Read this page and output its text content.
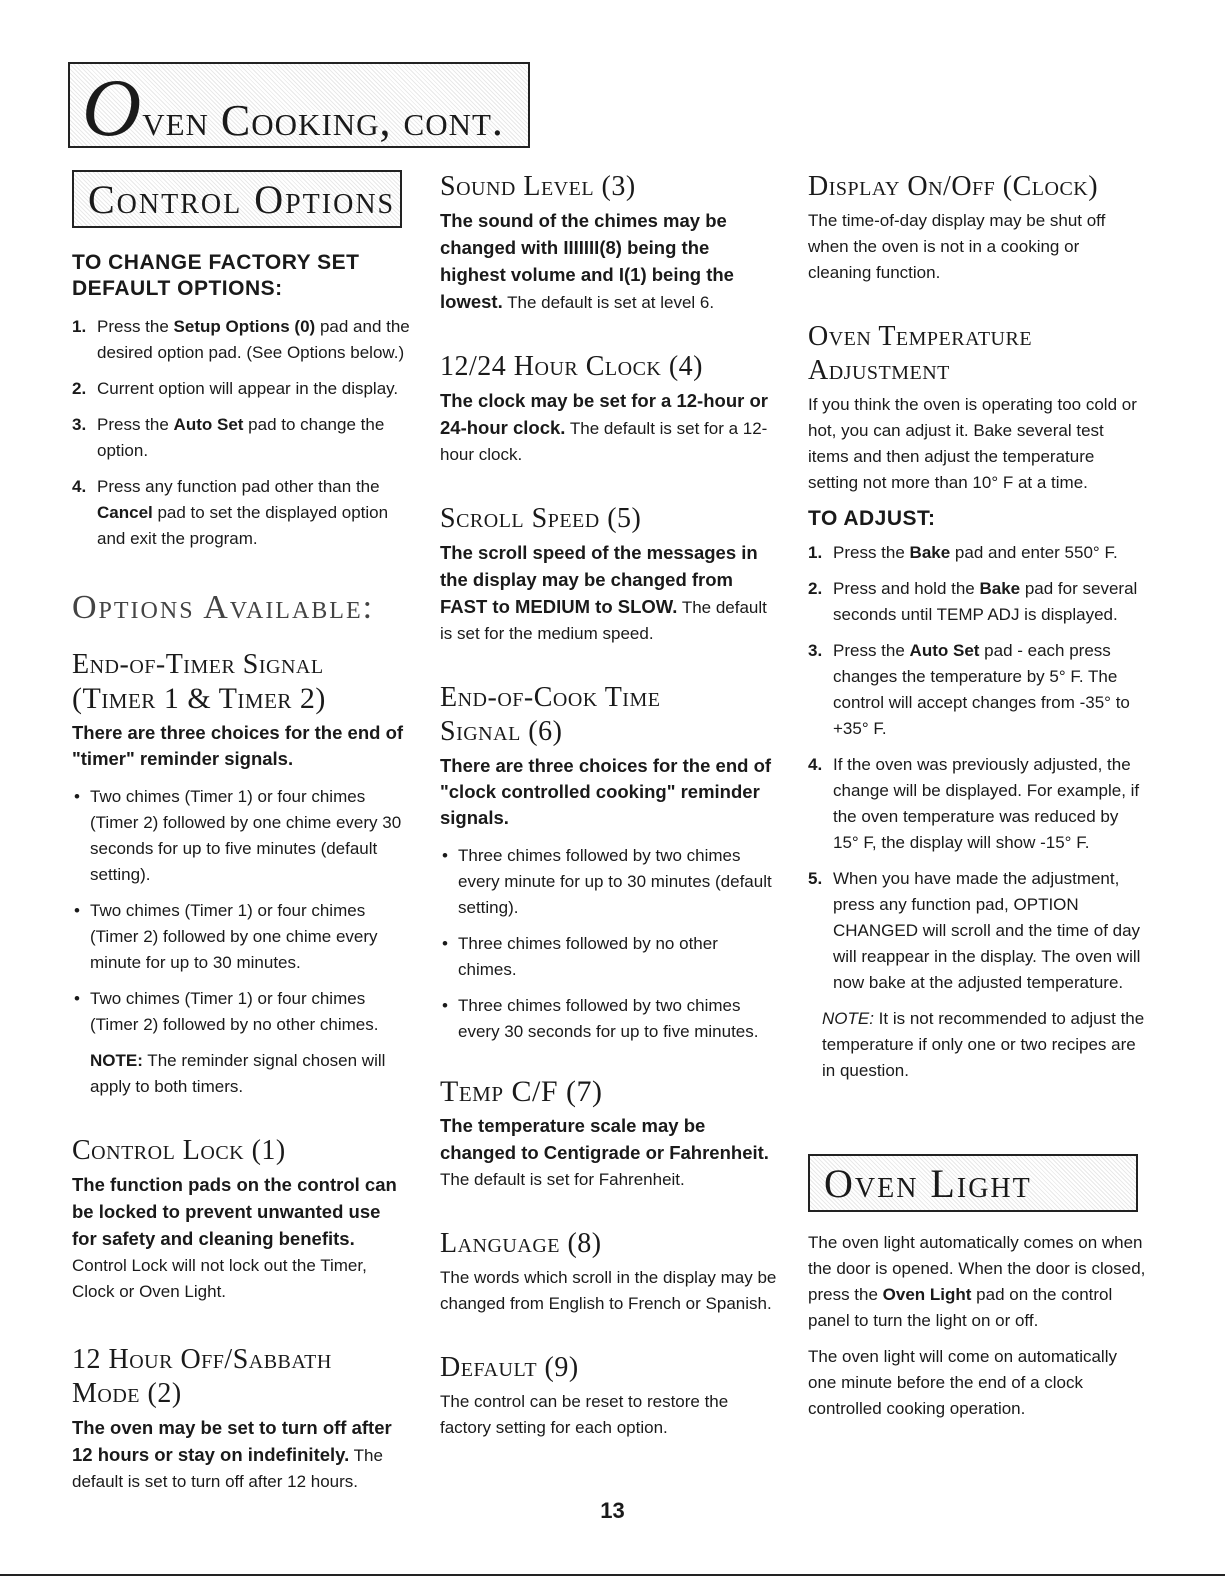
Oven Cooking, cont.
Control Options
TO CHANGE FACTORY SET DEFAULT OPTIONS:
1. Press the Setup Options (0) pad and the desired option pad. (See Options below.)
2. Current option will appear in the display.
3. Press the Auto Set pad to change the option.
4. Press any function pad other than the Cancel pad to set the displayed option and exit the program.
Options Available:
End-of-Timer Signal
(Timer 1 & Timer 2)
There are three choices for the end of "timer" reminder signals.
• Two chimes (Timer 1) or four chimes (Timer 2) followed by one chime every 30 seconds for up to five minutes (default setting).
• Two chimes (Timer 1) or four chimes (Timer 2) followed by one chime every minute for up to 30 minutes.
• Two chimes (Timer 1) or four chimes (Timer 2) followed by no other chimes.
NOTE: The reminder signal chosen will apply to both timers.
Control Lock (1)

The function pads on the control can be locked to prevent unwanted use for safety and cleaning benefits. Control Lock will not lock out the Timer, Clock or Oven Light.

12 Hour Off/Sabbath
Mode (2)

The oven may be set to turn off after 12 hours or stay on indefinitely. The default is set to turn off after 12 hours.

Sound Level (3)

The sound of the chimes may be changed with IIIIIII(8) being the highest volume and I(1) being the lowest. The default is set at level 6.

12/24 Hour Clock (4)

The clock may be set for a 12-hour or 24-hour clock. The default is set for a 12-hour clock.

Scroll Speed (5)

The scroll speed of the messages in the display may be changed from FAST to MEDIUM to SLOW. The default is set for the medium speed.

End-of-Cook Time
Signal (6)
There are three choices for the end of "clock controlled cooking" reminder signals.
• Three chimes followed by two chimes every minute for up to 30 minutes (default setting).
• Three chimes followed by no other chimes.
• Three chimes followed by two chimes every 30 seconds for up to five minutes.
Temp C/F (7)

The temperature scale may be changed to Centigrade or Fahrenheit. The default is set for Fahrenheit.

Language (8)

The words which scroll in the display may be changed from English to French or Spanish.

Default (9)

The control can be reset to restore the factory setting for each option.

Display On/Off (Clock)

The time-of-day display may be shut off when the oven is not in a cooking or cleaning function.

Oven Temperature
Adjustment

If you think the oven is operating too cold or hot, you can adjust it. Bake several test items and then adjust the temperature setting not more than 10° F at a time.

TO ADJUST:
1. Press the Bake pad and enter 550° F.
2. Press and hold the Bake pad for several seconds until TEMP ADJ is displayed.
3. Press the Auto Set pad - each press changes the temperature by 5° F. The control will accept changes from -35° to +35° F.
4. If the oven was previously adjusted, the change will be displayed. For example, if the oven temperature was reduced by 15° F, the display will show -15° F.
5. When you have made the adjustment, press any function pad, OPTION CHANGED will scroll and the time of day will reappear in the display. The oven will now bake at the adjusted temperature.
NOTE: It is not recommended to adjust the temperature if only one or two recipes are in question.
Oven Light

The oven light automatically comes on when the door is opened. When the door is closed, press the Oven Light pad on the control panel to turn the light on or off.

The oven light will come on automatically one minute before the end of a clock controlled cooking operation.

13
